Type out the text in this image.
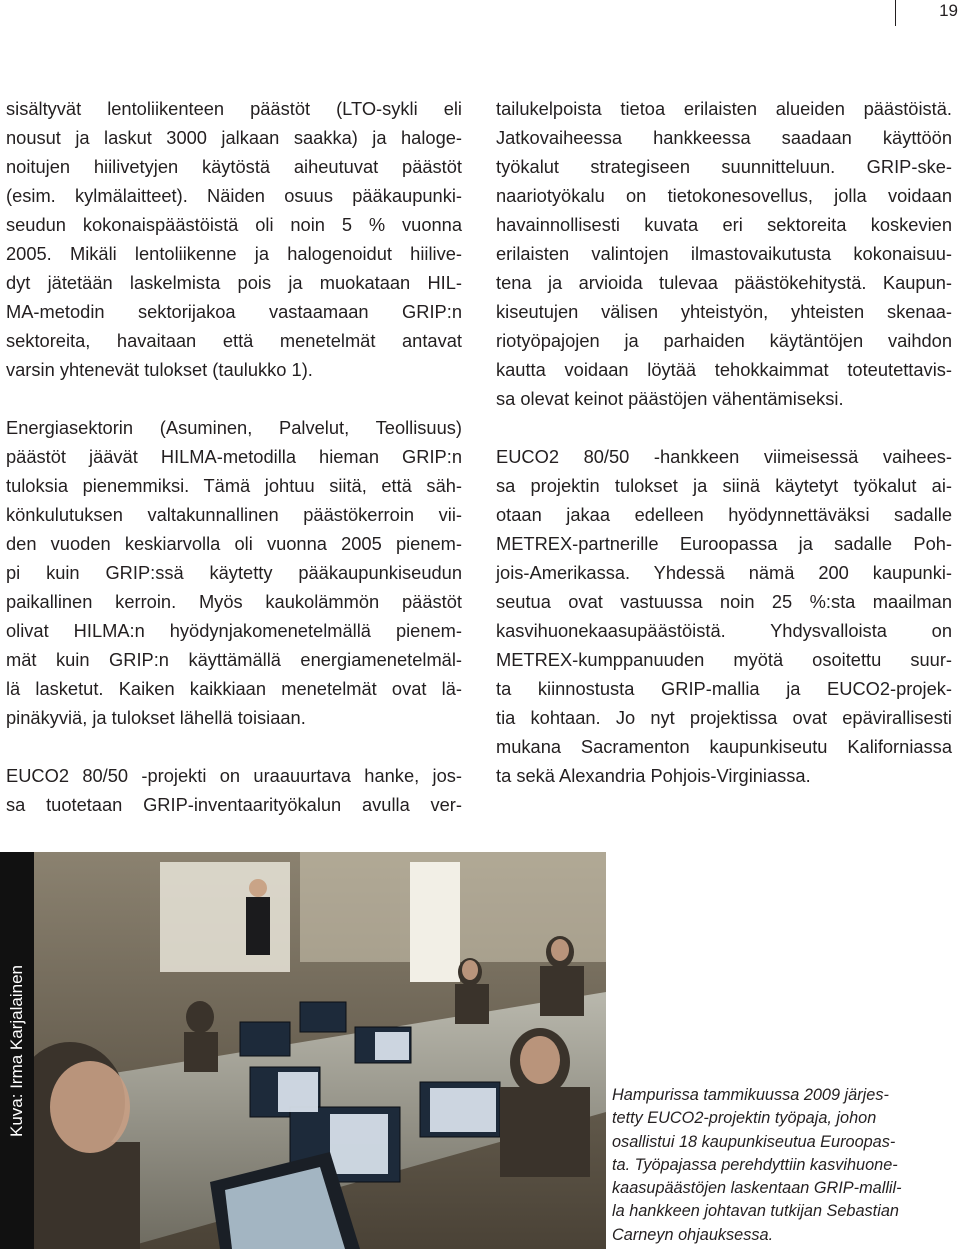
19

sisältyvät lentoliikenteen päästöt (LTO-sykli eli
nousut ja laskut 3000 jalkaan saakka) ja haloge-
noitujen hiilivetyjen käytöstä aiheutuvat päästöt
(esim. kylmälaitteet). Näiden osuus pääkaupunki-
seudun kokonaispäästöistä oli noin 5 % vuonna
2005. Mikäli lentoliikenne ja halogenoidut hiilive-
dyt jätetään laskelmista pois ja muokataan HIL-
MA-metodin sektorijakoa vastaamaan GRIP:n
sektoreita, havaitaan että menetelmät antavat
varsin yhtenevät tulokset (taulukko 1).

Energiasektorin (Asuminen, Palvelut, Teollisuus)
päästöt jäävät HILMA-metodilla hieman GRIP:n
tuloksia pienemmiksi. Tämä johtuu siitä, että säh-
könkulutuksen valtakunnallinen päästökerroin vii-
den vuoden keskiarvolla oli vuonna 2005 pienem-
pi kuin GRIP:ssä käytetty pääkaupunkiseudun
paikallinen kerroin. Myös kaukolämmön päästöt
olivat HILMA:n hyödynjakomenetelmällä pienem-
mät kuin GRIP:n käyttämällä energiamenetelmäl-
lä lasketut. Kaiken kaikkiaan menetelmät ovat lä-
pinäkyviä, ja tulokset lähellä toisiaan.

EUCO2 80/50 -projekti on uraauurtava hanke, jos-
sa tuotetaan GRIP-inventaarityökalun avulla ver-

tailukelpoista tietoa erilaisten alueiden päästöistä.
Jatkovaiheessa hankkeessa saadaan käyttöön
työkalut strategiseen suunnitteluun. GRIP-ske-
naariotyökalu on tietokonesovellus, jolla voidaan
havainnollisesti kuvata eri sektoreita koskevien
erilaisten valintojen ilmastovaikutusta kokonaisuu-
tena ja arvioida tulevaa päästökehitystä. Kaupun-
kiseutujen välisen yhteistyön, yhteisten skenaa-
riotyöpajojen ja parhaiden käytäntöjen vaihdon
kautta voidaan löytää tehokkaimmat toteutettavis-
sa olevat keinot päästöjen vähentämiseksi.

EUCO2 80/50 -hankkeen viimeisessä vaihees-
sa projektin tulokset ja siinä käytetyt työkalut ai-
otaan jakaa edelleen hyödynnettäväksi sadalle
METREX-partnerille Euroopassa ja sadalle Poh-
jois-Amerikassa. Yhdessä nämä 200 kaupunki-
seutua ovat vastuussa noin 25 %:sta maailman
kasvihuonekaasupäästöistä. Yhdysvalloista on
METREX-kumppanuuden myötä osoitettu suur-
ta kiinnostusta GRIP-mallia ja EUCO2-projek-
tia kohtaan. Jo nyt projektissa ovat epävirallisesti
mukana Sacramenton kaupunkiseutu Kaliforniassa
ta sekä Alexandria Pohjois-Virginiassa.

Kuva: Irma Karjalainen	Hampurissa tammikuussa 2009 järjes-
tetty EUCO2-projektin työpaja, johon
osallistui 18 kaupunkiseutua Euroopas-
ta. Työpajassa perehdyttiin kasvihuone-
kaasupäästöjen laskentaan GRIP-mallil-
la hankkeen johtavan tutkijan Sebastian
Carneyn ohjauksessa.
